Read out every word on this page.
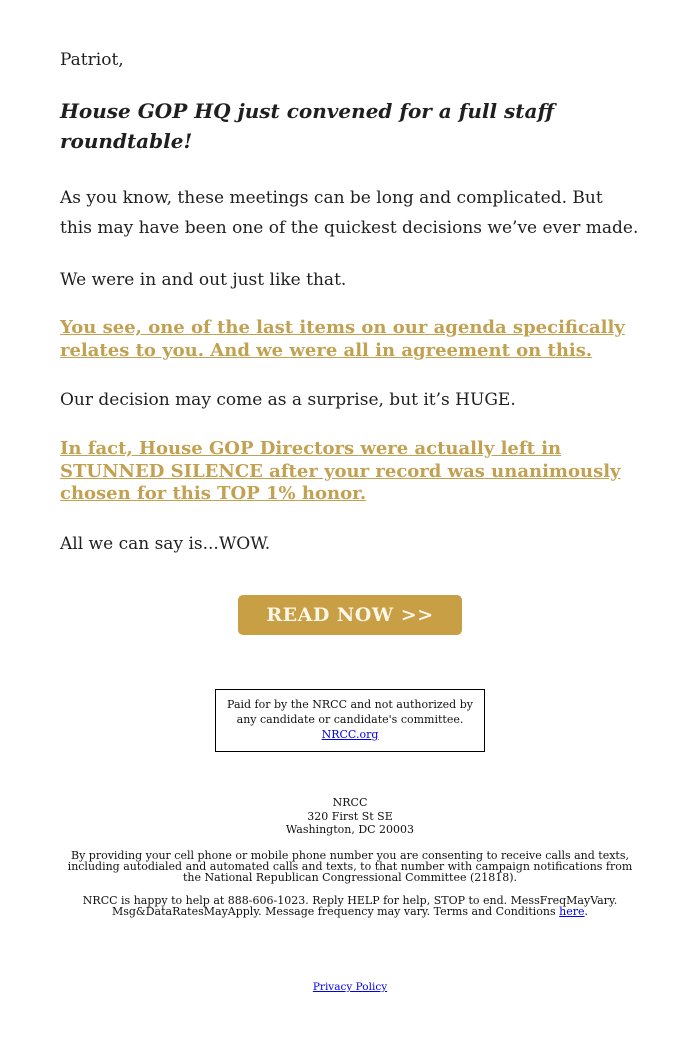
Patriot,

House GOP HQ just convened for a full staff roundtable!

As you know, these meetings can be long and complicated. But this may have been one of the quickest decisions we’ve ever made.

We were in and out just like that.

You see, one of the last items on our agenda specifically relates to you. And we were all in agreement on this.

Our decision may come as a surprise, but it’s HUGE.

In fact, House GOP Directors were actually left in STUNNED SILENCE after your record was unanimously chosen for this TOP 1% honor.

All we can say is...WOW.

READ NOW >>
Paid for by the NRCC and not authorized by any candidate or candidate's committee. NRCC.org
NRCC
320 First St SE
Washington, DC 20003
By providing your cell phone or mobile phone number you are consenting to receive calls and texts, including autodialed and automated calls and texts, to that number with campaign notifications from the National Republican Congressional Committee (21818).
NRCC is happy to help at 888-606-1023. Reply HELP for help, STOP to end. MessFreqMayVary. Msg&DataRatesMayApply. Message frequency may vary. Terms and Conditions here.
Privacy Policy
